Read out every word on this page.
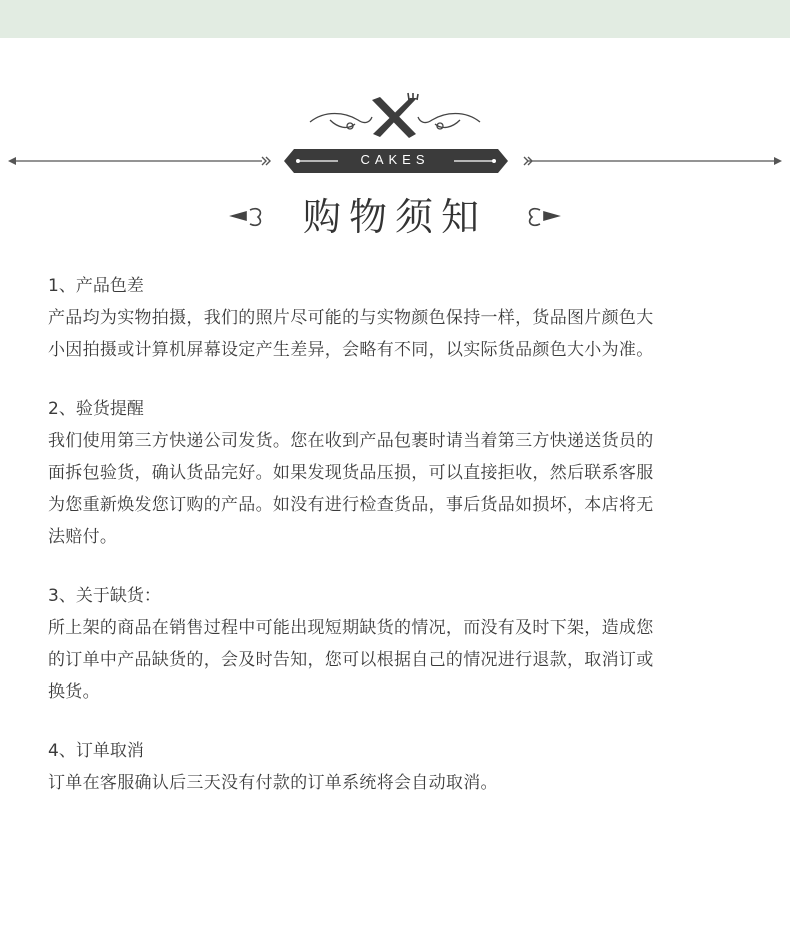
CAKES
购物须知
1、产品色差
产品均为实物拍摄，我们的照片尽可能的与实物颜色保持一样，货品图片颜色大
小因拍摄或计算机屏幕设定产生差异，会略有不同，以实际货品颜色大小为准。
2、验货提醒
我们使用第三方快递公司发货。您在收到产品包裹时请当着第三方快递送货员的
面拆包验货，确认货品完好。如果发现货品压损，可以直接拒收，然后联系客服
为您重新焕发您订购的产品。如没有进行检查货品，事后货品如损坏，本店将无
法赔付。
3、关于缺货：
所上架的商品在销售过程中可能出现短期缺货的情况，而没有及时下架，造成您
的订单中产品缺货的，会及时告知，您可以根据自己的情况进行退款，取消订或
换货。
4、订单取消
订单在客服确认后三天没有付款的订单系统将会自动取消。
